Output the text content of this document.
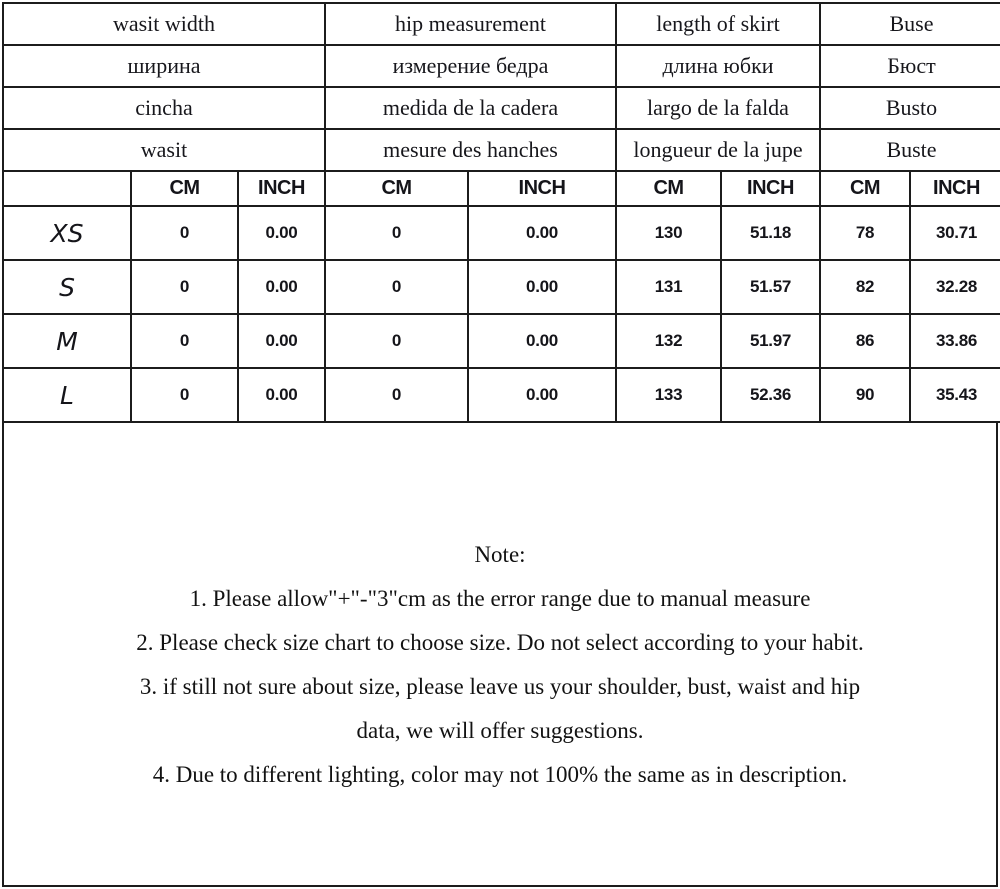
wasit width			hip measurement		length of skirt		Buse	
ширина			измерение бедра		длина юбки		Бюст	
cincha			medida de la cadera		largo de la falda		Busto	
wasit			mesure des hanches		longueur de la jupe		Buste	
	CM	INCH	CM	INCH	CM	INCH	CM	INCH
XS	0	0.00	0	0.00	130	51.18	78	30.71
S	0	0.00	0	0.00	131	51.57	82	32.28
M	0	0.00	0	0.00	132	51.97	86	33.86
L	0	0.00	0	0.00	133	52.36	90	35.43
Note:
1. Please allow"+"-"3"cm as the error range due to manual measure
2. Please check size chart to choose size. Do not select according to your habit.
3. if still not sure about size, please leave us your shoulder, bust, waist and hip
data, we will offer suggestions.
4. Due to different lighting, color may not 100% the same as in description.
